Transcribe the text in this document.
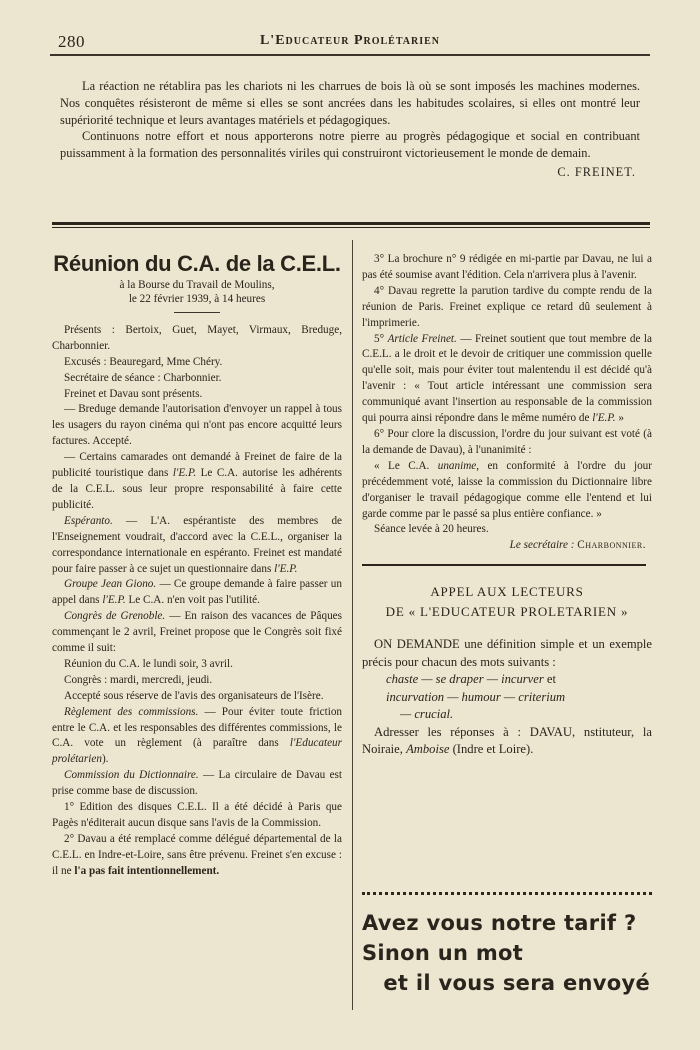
280	L'Educateur Prolétarien

La réaction ne rétablira pas les chariots ni les charrues de bois là où se sont imposés les machines modernes. Nos conquêtes résisteront de même si elles se sont ancrées dans les habitudes scolaires, si elles ont montré leur supériorité technique et leurs avantages matériels et pédagogiques.

Continuons notre effort et nous apporterons notre pierre au progrès pédagogique et social en contribuant puissamment à la formation des personnalités viriles qui construiront victorieusement le monde de demain.

C. FREINET.
Réunion du C.A. de la C.E.L.
à la Bourse du Travail de Moulins,
le 22 février 1939, à 14 heures

Présents : Bertoix, Guet, Mayet, Virmaux, Breduge, Charbonnier.

Excusés : Beauregard, Mme Chéry.

Secrétaire de séance : Charbonnier.

Freinet et Davau sont présents.

— Breduge demande l'autorisation d'envoyer un rappel à tous les usagers du rayon cinéma qui n'ont pas encore acquitté leurs factures. Accepté.

— Certains camarades ont demandé à Freinet de faire de la publicité touristique dans l'E.P. Le C.A. autorise les adhérents de la C.E.L. sous leur propre responsabilité à faire cette publicité.

Espéranto. — L'A. espérantiste des membres de l'Enseignement voudrait, d'accord avec la C.E.L., organiser la correspondance internationale en espéranto. Freinet est mandaté pour faire passer à ce sujet un questionnaire dans l'E.P.

Groupe Jean Giono. — Ce groupe demande à faire passer un appel dans l'E.P. Le C.A. n'en voit pas l'utilité.

Congrès de Grenoble. — En raison des vacances de Pâques commençant le 2 avril, Freinet propose que le Congrès soit fixé comme il suit:

Réunion du C.A. le lundi soir, 3 avril.

Congrès : mardi, mercredi, jeudi.

Accepté sous réserve de l'avis des organisateurs de l'Isère.

Règlement des commissions. — Pour éviter toute friction entre le C.A. et les responsables des différentes commissions, le C.A. vote un règlement (à paraître dans l'Educateur prolétarien).

Commission du Dictionnaire. — La circulaire de Davau est prise comme base de discussion.

1° Edition des disques C.E.L. Il a été décidé à Paris que Pagès n'éditerait aucun disque sans l'avis de la Commission.

2° Davau a été remplacé comme délégué départemental de la C.E.L. en Indre-et-Loire, sans être prévenu. Freinet s'en excuse : il ne l'a pas fait intentionnellement.

3° La brochure n° 9 rédigée en mi-partie par Davau, ne lui a pas été soumise avant l'édition. Cela n'arrivera plus à l'avenir.

4° Davau regrette la parution tardive du compte rendu de la réunion de Paris. Freinet explique ce retard dû seulement à l'imprimerie.

5° Article Freinet. — Freinet soutient que tout membre de la C.E.L. a le droit et le devoir de critiquer une commission quelle qu'elle soit, mais pour éviter tout malentendu il est décidé qu'à l'avenir : « Tout article intéressant une commission sera communiqué avant l'insertion au responsable de la commission qui pourra ainsi répondre dans le même numéro de l'E.P. »

6° Pour clore la discussion, l'ordre du jour suivant est voté (à la demande de Davau), à l'unanimité :

« Le C.A. unanime, en conformité à l'ordre du jour précédemment voté, laisse la commission du Dictionnaire libre d'organiser le travail pédagogique comme elle l'entend et lui garde comme par le passé sa plus entière confiance. »

Séance levée à 20 heures.

Le secrétaire : Charbonnier.
APPEL AUX LECTEURS
DE « L'EDUCATEUR PROLETARIEN »

ON DEMANDE une définition simple et un exemple précis pour chacun des mots suivants :

chaste — se draper — incurver et
incurvation — humour — criterium
— crucial.

Adresser les réponses à : DAVAU, nstituteur, la Noiraie, Amboise (Indre et Loire).

Avez vous notre tarif ?
Sinon un mot
et il vous sera envoyé
